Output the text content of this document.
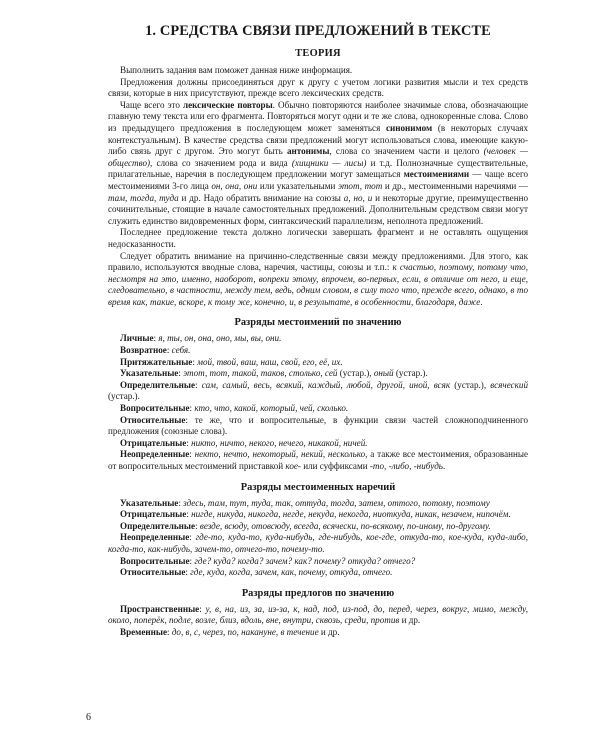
1. СРЕДСТВА СВЯЗИ ПРЕДЛОЖЕНИЙ В ТЕКСТЕ
ТЕОРИЯ

Выполнить задания вам поможет данная ниже информация.

Предложения должны присоединяться друг к другу с учетом логики развития мысли и тех средств связи, которые в них присутствуют, прежде всего лексических средств.

Чаще всего это лексические повторы. Обычно повторяются наиболее значимые слова, обозначающие главную тему текста или его фрагмента. Повторяться могут одни и те же слова, однокоренные слова. Слово из предыдущего предложения в последующем может заменяться синонимом (в некоторых случаях контекстуальным). В качестве средства связи предложений могут использоваться слова, имеющие какую-либо связь друг с другом. Это могут быть антонимы, слова со значением части и целого (человек — общество), слова со значением рода и вида (хищники — лисы) и т.д. Полнозначные существительные, прилагательные, наречия в последующем предложении могут замещаться местоимениями — чаще всего местоимениями 3-го лица он, она, они или указательными этот, тот и др., местоименными наречиями — там, тогда, туда и др. Надо обратить внимание на союзы а, но, и и некоторые другие, преимущественно сочинительные, стоящие в начале самостоятельных предложений. Дополнительным средством связи могут служить единство видовременных форм, синтаксический параллелизм, неполнота предложений.

Последнее предложение текста должно логически завершать фрагмент и не оставлять ощущения недосказанности.

Следует обратить внимание на причинно-следственные связи между предложениями. Для этого, как правило, используются вводные слова, наречия, частицы, союзы и т.п.: к счастью, поэтому, потому что, несмотря на это, именно, наоборот, вопреки этому, впрочем, во-первых, если, в отличие от него, и еще, следовательно, в частности, между тем, ведь, одним словом, в силу того что, прежде всего, однако, в то время как, такие, вскоре, к тому же, конечно, и, в результате, в особенности, благодаря, даже.

Разряды местоимений по значению

Личные: я, ты, он, она, оно, мы, вы, они.

Возвратное: себя.

Притяжательные: мой, твой, ваш, наш, свой, его, её, их.

Указательные: этот, тот, такой, таков, столько, сей (устар.), оный (устар.).

Определительные: сам, самый, весь, всякий, каждый, любой, другой, иной, всяк (устар.), всяческий (устар.).

Вопросительные: кто, что, какой, который, чей, сколько.

Относительные: те же, что и вопросительные, в функции связи частей сложноподчиненного предложения (союзные слова).

Отрицательные: никто, ничто, некого, нечего, никакой, ничей.

Неопределенные: некто, нечто, некоторый, некий, несколько, а также все местоимения, образованные от вопросительных местоимений приставкой кое- или суффиксами -то, -либо, -нибудь.

Разряды местоименных наречий

Указательные: здесь, там, тут, туда, так, оттуда, тогда, затем, оттого, потому, поэтому

Отрицательные: нигде, никуда, никогда, негде, некуда, некогда, ниоткуда, никак, незачем, нипочём.

Определительные: везде, всюду, отовсюду, всегда, всячески, по-всякому, по-иному, по-другому.

Неопределенные: где-то, куда-то, куда-нибудь, где-нибудь, кое-где, откуда-то, кое-куда, куда-либо, когда-то, как-нибудь, зачем-то, отчего-то, почему-то.

Вопросительные: где? куда? когда? зачем? как? почему? откуда? отчего?

Относительные: где, куда, когда, зачем, как, почему, откуда, отчего.

Разряды предлогов по значению

Пространственные: у, в, на, из, за, из-за, к, над, под, из-под, до, перед, через, вокруг, мимо, между, около, поперёк, подле, возле, близ, вдоль, вне, внутри, сквозь, среди, против и др.

Временные: до, в, с, через, по, накануне, в течение и др.

6
